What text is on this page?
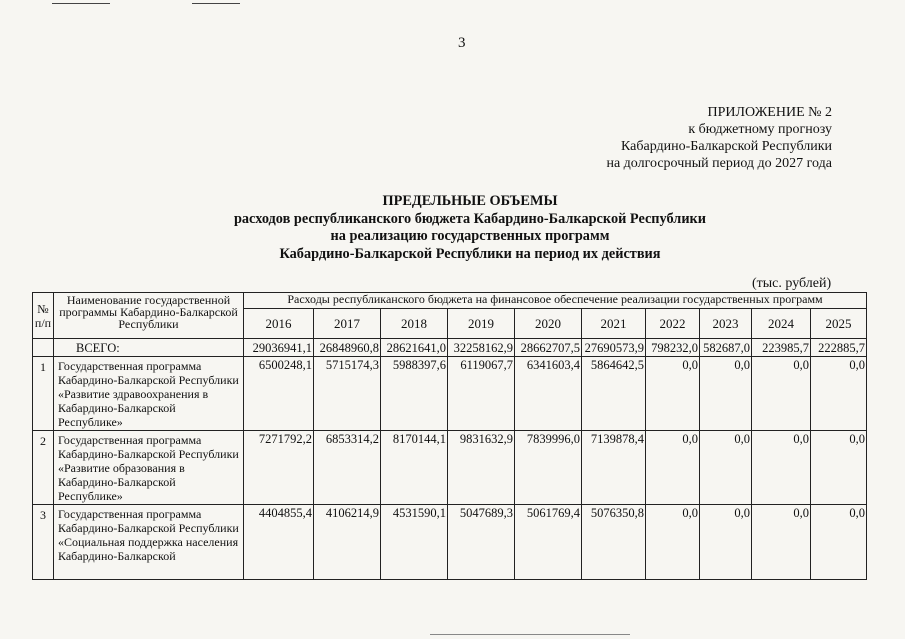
3
ПРИЛОЖЕНИЕ № 2
к бюджетному прогнозу
Кабардино-Балкарской Республики
на долгосрочный период до 2027 года
ПРЕДЕЛЬНЫЕ ОБЪЕМЫ
расходов республиканского бюджета Кабардино-Балкарской Республики
на реализацию государственных программ
Кабардино-Балкарской Республики на период их действия
(тыс. рублей)
№ п/п	Наименование государственной программы Кабардино-Балкарской Республики	Расходы республиканского бюджета на финансовое обеспечение реализации государственных программ									
		2016	2017	2018	2019	2020	2021	2022	2023	2024	2025
	ВСЕГО:	29036941,1	26848960,8	28621641,0	32258162,9	28662707,5	27690573,9	798232,0	582687,0	223985,7	222885,7
1	Государственная программа Кабардино-Балкарской Республики «Развитие здравоохранения в Кабардино-Балкарской Республике»	6500248,1	5715174,3	5988397,6	6119067,7	6341603,4	5864642,5	0,0	0,0	0,0	0,0
2	Государственная программа Кабардино-Балкарской Республики «Развитие образования в Кабардино-Балкарской Республике»	7271792,2	6853314,2	8170144,1	9831632,9	7839996,0	7139878,4	0,0	0,0	0,0	0,0
3	Государственная программа Кабардино-Балкарской Республики «Социальная поддержка населения Кабардино-Балкарской	4404855,4	4106214,9	4531590,1	5047689,3	5061769,4	5076350,8	0,0	0,0	0,0	0,0
